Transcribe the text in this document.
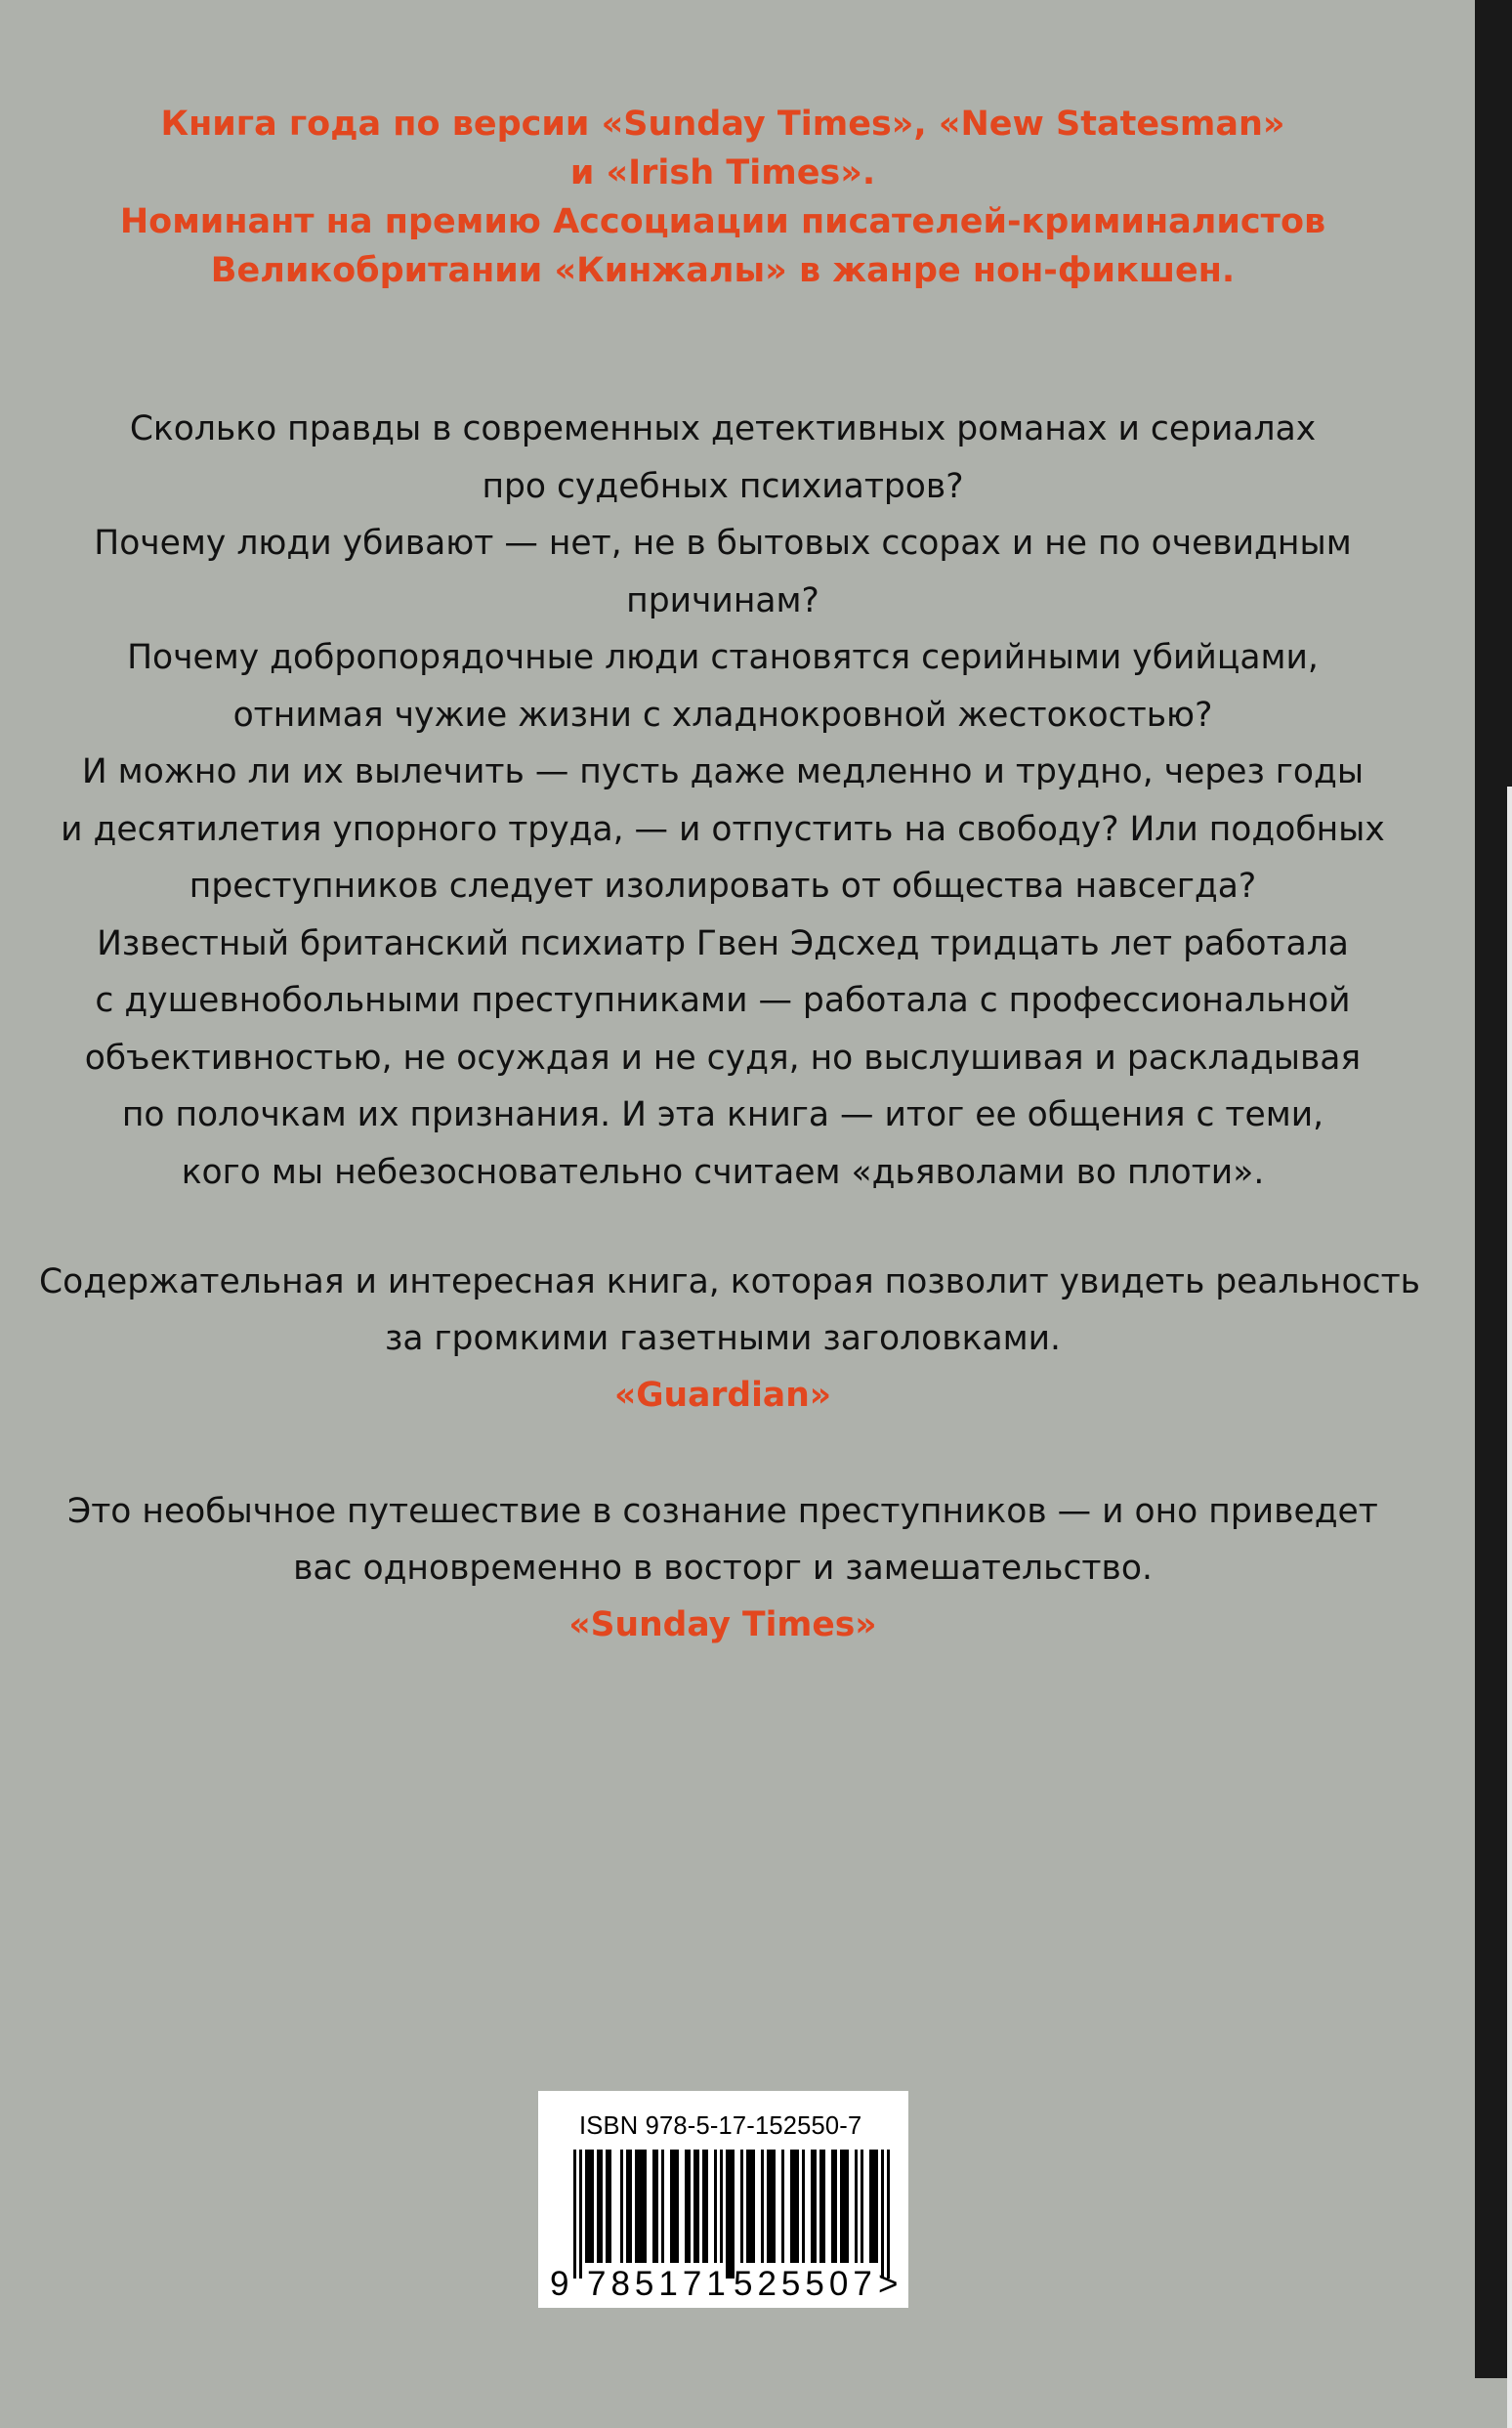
Книга года по версии «Sunday Times», «New Statesman»
и «Irish Times».
Номинант на премию Ассоциации писателей-криминалистов
Великобритании «Кинжалы» в жанре нон-фикшен.
Сколько правды в современных детективных романах и сериалах
про судебных психиатров?
Почему люди убивают — нет, не в бытовых ссорах и не по очевидным
причинам?
Почему добропорядочные люди становятся серийными убийцами,
отнимая чужие жизни с хладнокровной жестокостью?
И можно ли их вылечить — пусть даже медленно и трудно, через годы
и десятилетия упорного труда, — и отпустить на свободу? Или подобных
преступников следует изолировать от общества навсегда?
Известный британский психиатр Гвен Эдсхед тридцать лет работала
с душевнобольными преступниками — работала с профессиональной
объективностью, не осуждая и не судя, но выслушивая и раскладывая
по полочкам их признания. И эта книга — итог ее общения с теми,
кого мы небезосновательно считаем «дьяволами во плоти».
Содержательная и интересная книга, которая позволит увидеть реальность
за громкими газетными заголовками.
«Guardian»
Это необычное путешествие в сознание преступников — и оно приведет
вас одновременно в восторг и замешательство.
«Sunday Times»
ISBN 978-5-17-152550-7
9 785171 525507 >
